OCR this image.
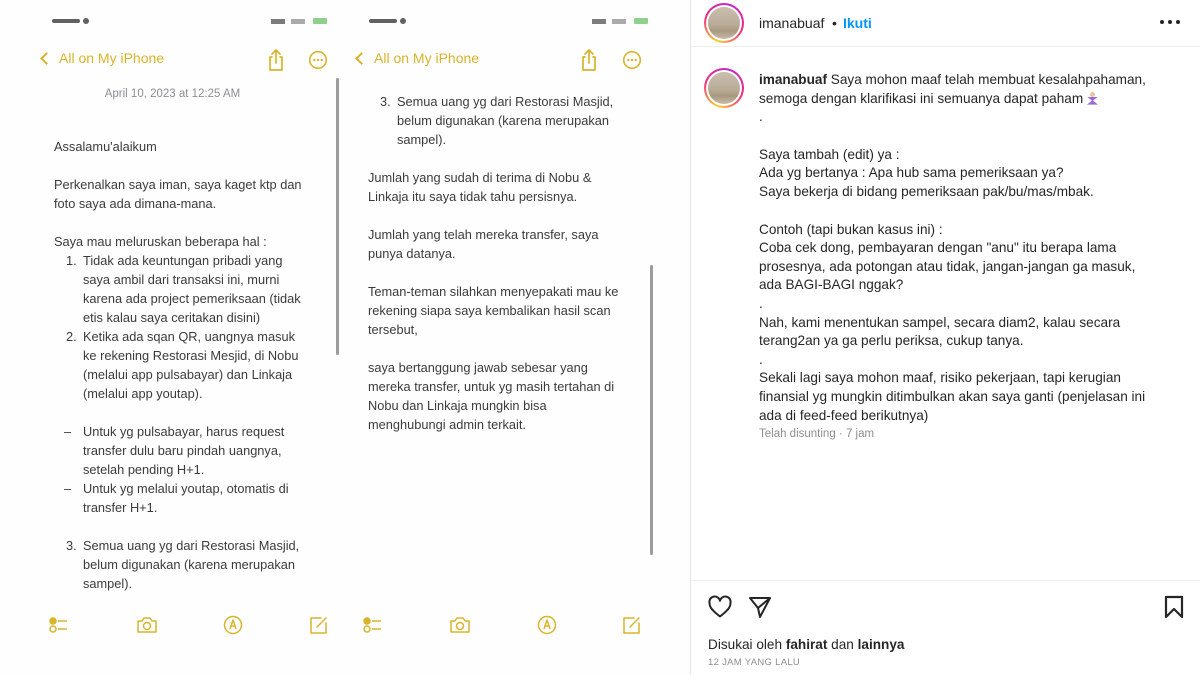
All on My iPhone
April 10, 2023 at 12:25 AM

Assalamu'alaikum

Perkenalkan saya iman, saya kaget ktp dan

foto saya ada dimana-mana.

Saya mau meluruskan beberapa hal :

1. Tidak ada keuntungan pribadi yang

saya ambil dari transaksi ini, murni

karena ada project pemeriksaan (tidak

etis kalau saya ceritakan disini)

2. Ketika ada sqan QR, uangnya masuk

ke rekening Restorasi Mesjid, di Nobu

(melalui app pulsabayar) dan Linkaja

(melalui app youtap).

– Untuk yg pulsabayar, harus request

transfer dulu baru pindah uangnya,

setelah pending H+1.

– Untuk yg melalui youtap, otomatis di

transfer H+1.

3. Semua uang yg dari Restorasi Masjid,

belum digunakan (karena merupakan

sampel).

All on My iPhone
3. Semua uang yg dari Restorasi Masjid,

belum digunakan (karena merupakan

sampel).

Jumlah yang sudah di terima di Nobu &

Linkaja itu saya tidak tahu persisnya.

Jumlah yang telah mereka transfer, saya

punya datanya.

Teman-teman silahkan menyepakati mau ke

rekening siapa saya kembalikan hasil scan

tersebut,

saya bertanggung jawab sebesar yang

mereka transfer, untuk yg masih tertahan di

Nobu dan Linkaja mungkin bisa

menghubungi admin terkait.

imanabuaf • Ikuti
imanabuaf Saya mohon maaf telah membuat kesalahpahaman,
semoga dengan klarifikasi ini semuanya dapat paham
.
Saya tambah (edit) ya :
Ada yg bertanya : Apa hub sama pemeriksaan ya?
Saya bekerja di bidang pemeriksaan pak/bu/mas/mbak.
Contoh (tapi bukan kasus ini) :
Coba cek dong, pembayaran dengan "anu" itu berapa lama
prosesnya, ada potongan atau tidak, jangan-jangan ga masuk,
ada BAGI-BAGI nggak?
.
Nah, kami menentukan sampel, secara diam2, kalau secara
terang2an ya ga perlu periksa, cukup tanya.
.
Sekali lagi saya mohon maaf, risiko pekerjaan, tapi kerugian
finansial yg mungkin ditimbulkan akan saya ganti (penjelasan ini
ada di feed-feed berikutnya)
Telah disunting · 7 jam
Disukai oleh fahirat dan lainnya
12 JAM YANG LALU
